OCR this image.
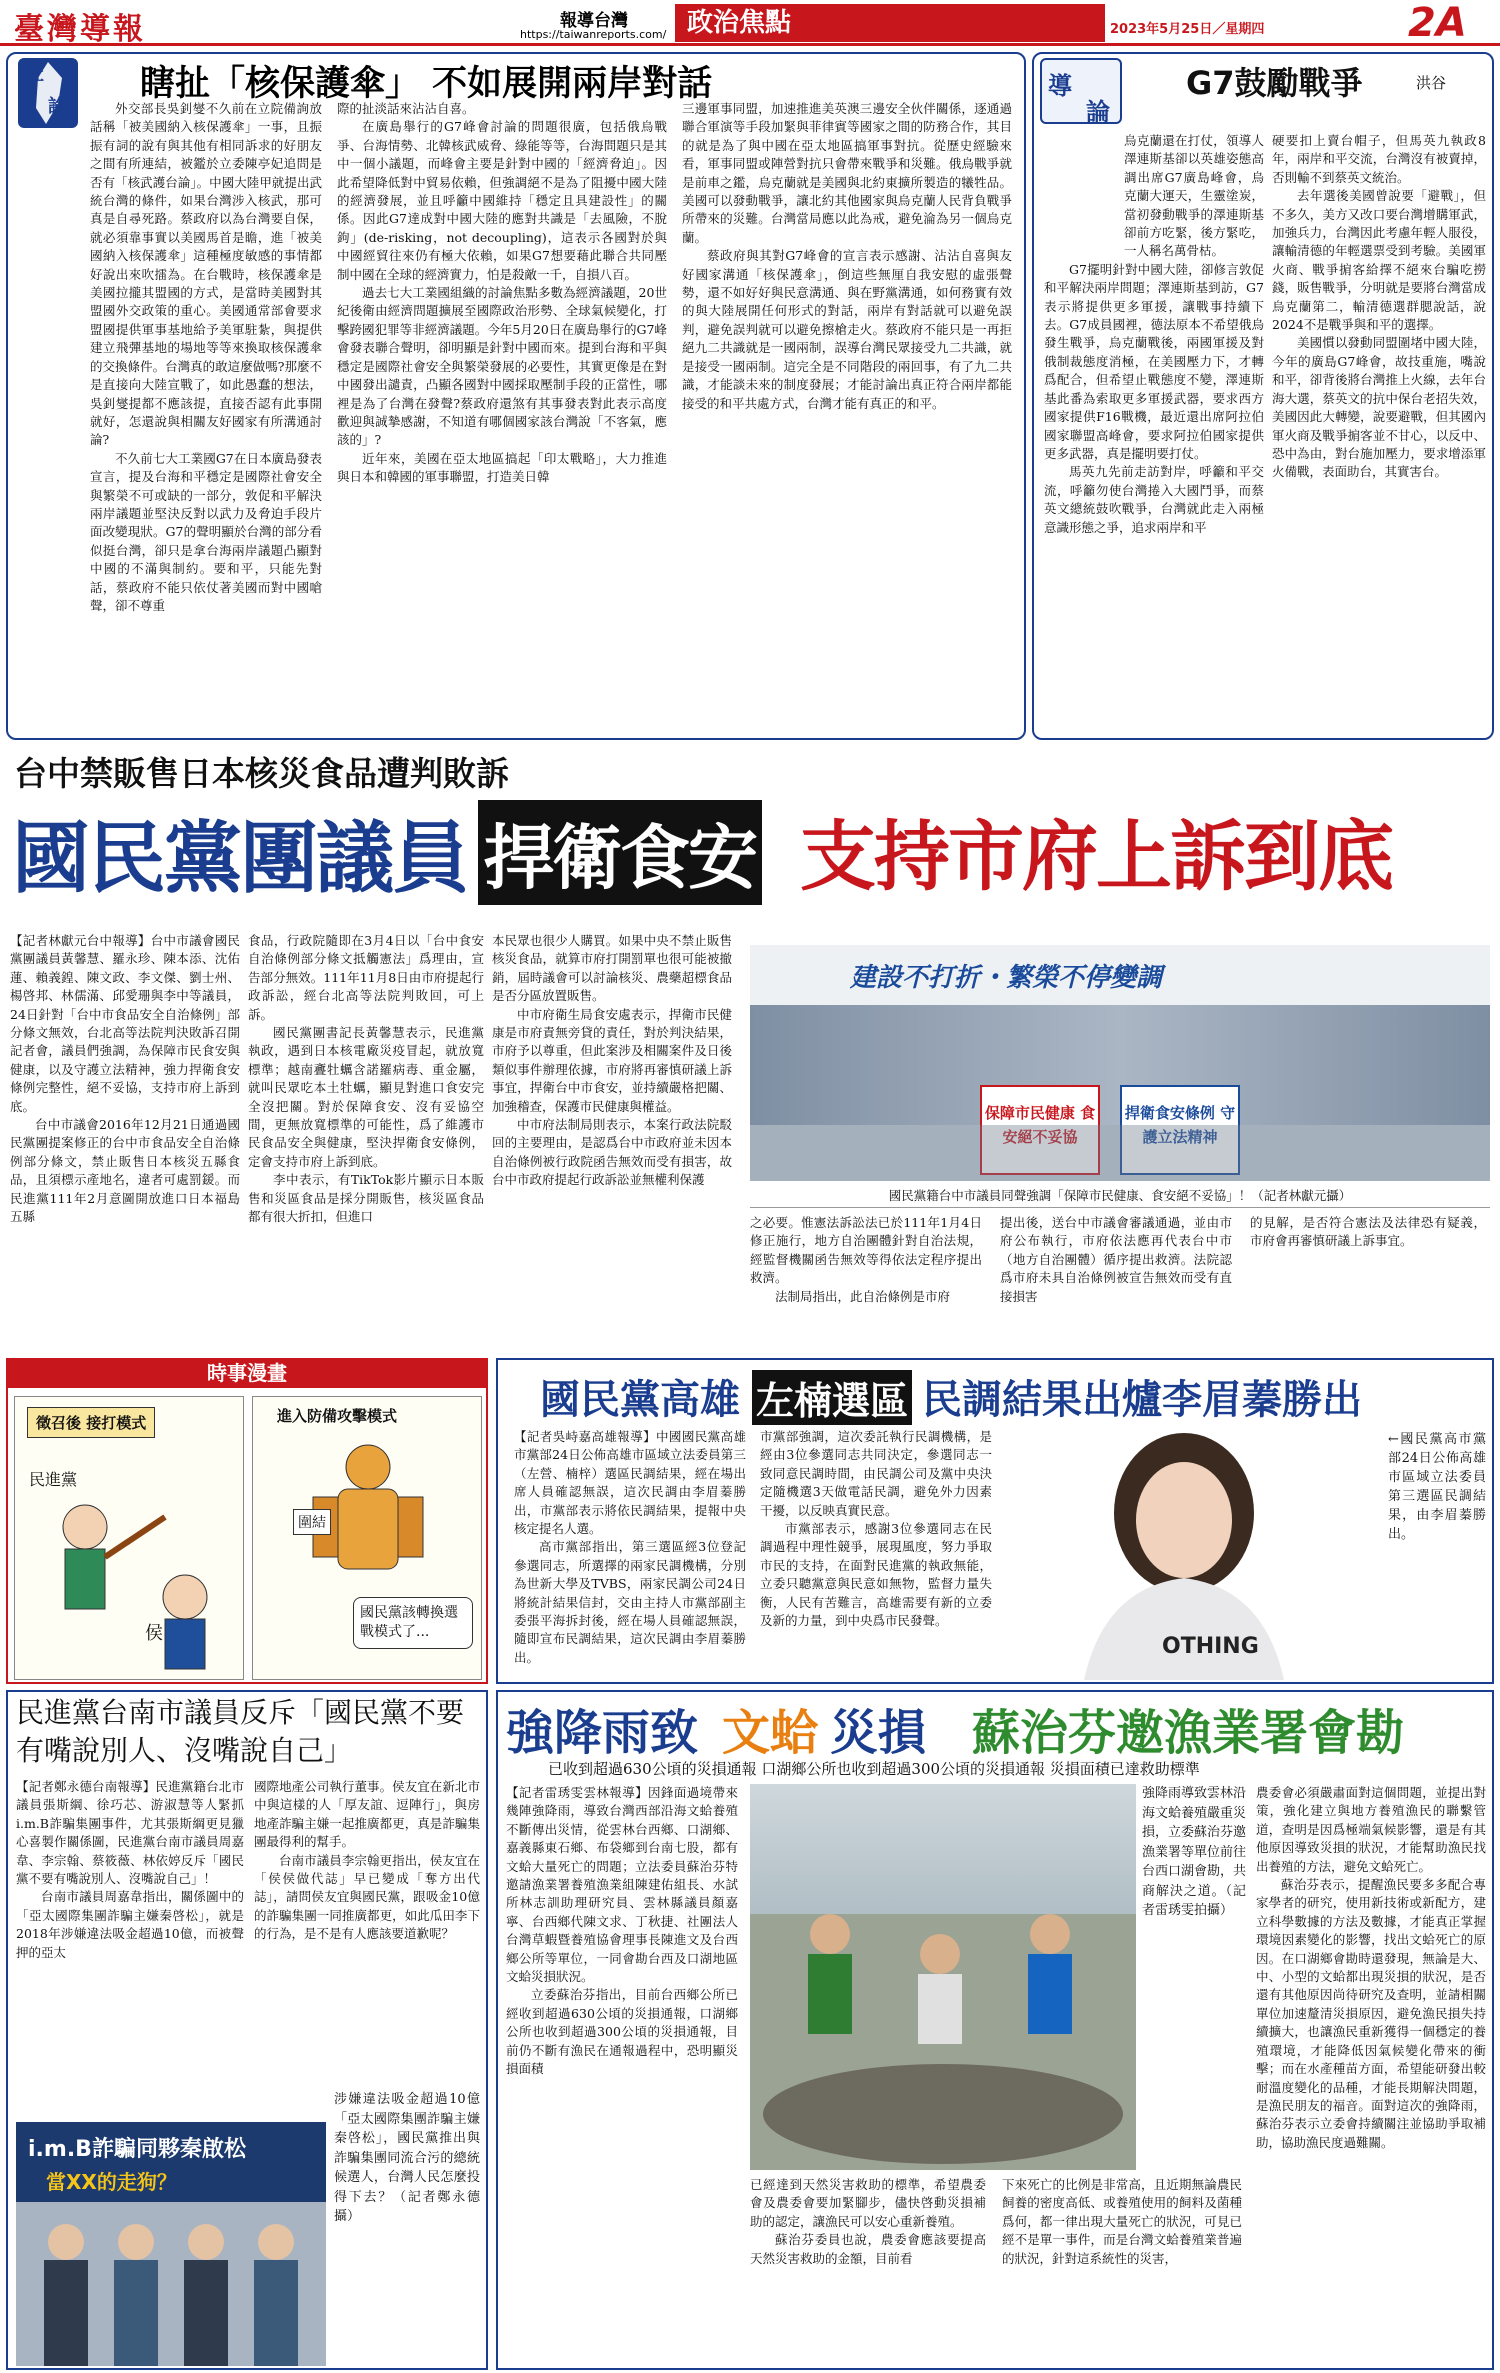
臺灣導報	報導台灣
https://taiwanreports.com/ 政治焦點	2023年5月25日／星期四	2A
社
論
瞎扯「核保護傘」 不如展開兩岸對話

外交部長吳釗燮不久前在立院備詢放話稱「被美國納入核保護傘」一事，且振振有詞的說有與其他有相同訴求的好朋友之間有所連結，被鑑於立委陳亭妃追問是否有「核武護台論」。中國大陸甲就提出武統台灣的條件，如果台灣涉入核武，那可真是自尋死路。蔡政府以為台灣要自保，就必須靠事實以美國馬首是瞻，進「被美國納入核保護傘」這種極度敏感的事情都好說出來吹擂為。在台戰時，核保護傘是美國拉攏其盟國的方式，是當時美國對其盟國外交政策的重心。美國通常部會要求盟國提供軍事基地給予美軍駐紮，與提供建立飛彈基地的場地等等來換取核保護傘的交換條件。台灣真的敢這麼做嗎?那麼不是直接向大陸宣戰了，如此愚蠢的想法，吳釗燮提都不應該提，直接否認有此事開就好，怎還說與相關友好國家有所溝通討論?

不久前七大工業國G7在日本廣島發表宣言，提及台海和平穩定是國際社會安全與繁榮不可或缺的一部分，敦促和平解決兩岸議題並堅決反對以武力及脅迫手段片面改變現狀。G7的聲明顯於台灣的部分看似挺台灣，卻只是拿台海兩岸議題凸顯對中國的不滿與制約。要和平，只能先對話，蔡政府不能只依仗著美國而對中國嗆聲，卻不尊重

際的扯淡話來沾沾自喜。

在廣島舉行的G7峰會討論的問題很廣，包括俄烏戰爭、台海情勢、北韓核武威脅、綠能等等，台海問題只是其中一個小議題，而峰會主要是針對中國的「經濟脅迫」。因此希望降低對中貿易依賴，但強調絕不是為了阻擾中國大陸的經濟發展，並且呼籲中國維持「穩定且具建設性」的關係。因此G7達成對中國大陸的應對共識是「去風險，不脫鉤」(de-risking，not decoupling)，這表示各國對於與中國經貿往來仍有極大依賴，如果G7想要藉此聯合共同壓制中國在全球的經濟實力，怕是殺敵一千，自損八百。

過去七大工業國組織的討論焦點多數為經濟議題，20世紀後衛由經濟問題擴展至國際政治形勢、全球氣候變化，打擊跨國犯罪等非經濟議題。今年5月20日在廣島舉行的G7峰會發表聯合聲明，卻明顯是針對中國而來。提到台海和平與穩定是國際社會安全與繁榮發展的必要性，其實更像是在對中國發出譴責，凸顯各國對中國採取壓制手段的正當性，哪裡是為了台灣在發聲?蔡政府還煞有其事發表對此表示高度歡迎與誠摯感謝，不知道有哪個國家該台灣說「不客氣，應該的」?

近年來，美國在亞太地區搞起「印太戰略」，大力推進與日本和韓國的軍事聯盟，打造美日韓

三邊軍事同盟，加速推進美英澳三邊安全伙伴關係，逐通過聯合軍演等手段加緊與菲律賓等國家之間的防務合作，其目的就是為了與中國在亞太地區搞軍事對抗。從歷史經驗來看，軍事同盟或陣營對抗只會帶來戰爭和災難。俄烏戰爭就是前車之鑑，烏克蘭就是美國與北約東擴所製造的犧牲品。美國可以發動戰爭，讓北約其他國家與烏克蘭人民背負戰爭所帶來的災難。台灣當局應以此為戒，避免淪為另一個烏克蘭。

蔡政府與其對G7峰會的宣言表示感謝、沾沾自喜與友好國家溝通「核保護傘」，倒這些無厘自我安慰的虛張聲勢，還不如好好與民意溝通、與在野黨溝通，如何務實有效的與大陸展開任何形式的對話，兩岸有對話就可以避免誤判，避免誤判就可以避免擦槍走火。蔡政府不能只是一再拒絕九二共識就是一國兩制，誤導台灣民眾接受九二共識，就是接受一國兩制。這完全是不同階段的兩回事，有了九二共識，才能談未來的制度發展；才能討論出真正符合兩岸都能接受的和平共處方式，台灣才能有真正的和平。

導
論
G7鼓勵戰爭	洪谷

烏克蘭還在打仗，領導人澤連斯基卻以英雄姿態高調出席G7廣島峰會，烏克蘭大運天，生靈塗炭，當初發動戰爭的澤連斯基卻前方吃緊，後方緊吃，一人稱名萬骨枯。

G7擺明針對中國大陸，卻修言敦促和平解決兩岸問題；澤連斯基到訪，G7表示將提供更多軍援，讓戰事持續下去。G7成員國裡，德法原本不希望俄烏發生戰爭，烏克蘭戰後，兩國軍援及對俄制裁態度消極，在美國壓力下，才轉爲配合，但希望止戰態度不變，澤連斯基此番為索取更多軍援武器，要求西方國家提供F16戰機，最近還出席阿拉伯國家聯盟高峰會，要求阿拉伯國家提供更多武器，真是擺明要打仗。

馬英九先前走訪對岸，呼籲和平交流，呼籲勿使台灣捲入大國鬥爭，而蔡英文總統鼓吹戰爭，台灣就此走入兩極意識形態之爭，追求兩岸和平

硬要扣上賣台帽子，但馬英九執政8年，兩岸和平交流，台灣沒有被賣掉，否則輸不到蔡英文統治。

去年選後美國曾說要「避戰」，但不多久，美方又改口要台灣增購軍武，加強兵力，台灣因此考慮年輕人服役，讓輸清德的年輕選票受到考驗。美國軍火商、戰爭掮客給擇不絕來台騙吃撈錢，販售戰爭，分明就是要將台灣當成烏克蘭第二，輸清德選群腮說話，說2024不是戰爭與和平的選擇。

美國慣以發動同盟圍堵中國大陸，今年的廣島G7峰會，故技重施，嘴說和平，卻背後將台灣推上火線，去年台海大選，蔡英文的抗中保台老招失效，美國因此大轉變，說要避戰，但其國內軍火商及戰爭掮客並不甘心，以反中、恐中為由，對台施加壓力，要求增添軍火備戰，表面助台，其實害台。

台中禁販售日本核災食品遭判敗訴
國民黨團議員 捍衛食安 支持市府上訴到底

【記者林獻元台中報導】台中市議會國民黨團議員黃馨慧、羅永珍、陳本添、沈佑蓮、賴義鍠、陳文政、李文傑、劉士州、楊啓邦、林儒滿、邱愛珊與李中等議員，24日針對「台中市食品安全自治條例」部分條文無效，台北高等法院判決敗訴召開記者會，議員們強調，為保障市民食安與健康，以及守護立法精神，強力捍衛食安條例完整性，絕不妥協，支持市府上訴到底。

台中市議會2016年12月21日通過國民黨團提案修正的台中市食品安全自治條例部分條文，禁止販售日本核災五縣食品，且須標示產地名，違者可處罰鍰。而民進黨111年2月意圖開放進口日本福島五縣

食品，行政院隨即在3月4日以「台中食安自治條例部分條文抵觸憲法」爲理由，宣告部分無效。111年11月8日由市府提起行政訴訟，經台北高等法院判敗回，可上訴。

國民黨團書記長黃馨慧表示，民進黨執政，遇到日本核電廠災疫冒起，就放寬標準；越南斖牡蠣含諾羅病毒、重金屬，就叫民眾吃本土牡蠣，顯見對進口食安完全沒把關。對於保障食安、沒有妥協空間，更無放寬標準的可能性，爲了維護市民食品安全與健康，堅決捍衛食安條例，定會支持市府上訴到底。

李中表示，有TikTok影片顯示日本販售和災區食品是採分開販售，核災區食品都有很大折扣，但進口

本民眾也很少人購買。如果中央不禁止販售核災食品，就算市府打開罰單也很可能被撤銷，屆時議會可以討論核災、農藥超標食品是否分區放置販售。

中市府衛生局食安處表示，捍衛市民健康是市府責無旁貸的責任，對於判決結果，市府予以尊重，但此案涉及相關案件及日後類似事件辦理依據，市府將再審慎研議上訴事宜，捍衛台中市食安，並持續嚴格把關、加強稽查，保護市民健康與權益。

中市府法制局則表示，本案行政法院駁回的主要理由，是認爲台中市政府並未因本自治條例被行政院函告無效而受有損害，故台中市政府提起行政訴訟並無權利保護

建設不打折・繁榮不停變調
保障市民健康 食安絕不妥協
捍衛食安條例 守護立法精神
國民黨籍台中市議員同聲強調「保障市民健康、食安絕不妥協」！（記者林獻元攝）

之必要。惟憲法訴訟法已於111年1月4日修正施行，地方自治團體針對自治法規，經監督機關函告無效等得依法定程序提出救濟。

法制局指出，此自治條例是市府

提出後，送台中市議會審議通過，並由市府公布執行，市府依法應再代表台中市（地方自治團體）循序提出救濟。法院認爲市府未具自治條例被宣告無效而受有直接損害

的見解，是否符合憲法及法律恐有疑義，市府會再審慎研議上訴事宜。

時事漫畫
徵召後 接打模式
民進黨
侯
進入防備攻擊模式
圍結
國民黨該轉換選戰模式了...
國民黨高雄 左楠選區 民調結果出爐李眉蓁勝出

【記者吳峙嘉高雄報導】中國國民黨高雄市黨部24日公佈高雄市區域立法委員第三（左營、楠梓）選區民調結果，經在場出席人員確認無誤，這次民調由李眉蓁勝出，市黨部表示將依民調結果，提報中央核定提名人選。

高市黨部指出，第三選區經3位登記參選同志，所選擇的兩家民調機構，分別為世新大學及TVBS，兩家民調公司24日將統計結果信封，交由主持人市黨部副主委張平海拆封後，經在場人員確認無誤，隨即宣布民調結果，這次民調由李眉蓁勝出。

市黨部強調，這次委託執行民調機構，是經由3位參選同志共同決定，參選同志一致同意民調時間，由民調公司及黨中央決定隨機選3天做電話民調，避免外力因素干擾，以反映真實民意。

市黨部表示，感謝3位參選同志在民調過程中理性競爭，展現風度，努力爭取市民的支持，在面對民進黨的執政無能，立委只聽黨意與民意如無物，監督力量失衡，人民有苦難言，高雄需要有新的立委及新的力量，到中央爲市民發聲。

OTHING
←國民黨高市黨部24日公佈高雄市區域立法委員第三選區民調結果，由李眉蓁勝出。
民進黨台南市議員反斥「國民黨不要有嘴說別人、沒嘴說自己」

【記者鄭永德台南報導】民進黨籍台北市議員張斯綱、徐巧芯、游淑慧等人緊抓i.m.B詐騙集團事件，尤其張斯綱更見獵心喜製作關係圖，民進黨台南市議員周嘉韋、李宗翰、蔡筱薇、林依婷反斥「國民黨不要有嘴說別人、沒嘴說自己」！

台南市議員周嘉韋指出，關係圖中的「亞太國際集團詐騙主嫌秦啓松」，就是2018年涉嫌違法吸金超過10億，而被聲押的亞太

國際地產公司執行董事。侯友宜在新北市中與這樣的人「厚友誼、逗陣行」，與房地產詐騙主嫌一起推廣都更，真是詐騙集團最得利的幫手。

台南市議員李宗翰更指出，侯友宜在「侯侯做代誌」早已變成「奪方出代誌」，請問侯友宜與國民黨，跟吸金10億的詐騙集團一同推廣都更，如此瓜田李下的行為，是不是有人應該要道歉呢？

i.m.B詐騙同夥秦啟松
當XX的走狗？
涉嫌違法吸金超過10億「亞太國際集團詐騙主嫌 秦啓松」，國民黨推出與詐騙集團同流合污的總統候選人，台灣人民怎麼投得下去？（記者鄭永德攝）
強降雨致 文蛤 災損 蘇治芬邀漁業署會勘
已收到超過630公頃的災損通報 口湖鄉公所也收到超過300公頃的災損通報 災損面積已達救助標準

【記者雷琇雯雲林報導】因鋒面過境帶來幾陣強降雨，導致台灣西部沿海文蛤養殖不斷傳出災情，從雲林台西鄉、口湖鄉、嘉義縣東石鄉、布袋鄉到台南七股，都有文蛤大量死亡的問題；立法委員蘇治芬特邀請漁業署養殖漁業組陳建佑組長、水試所林志訓助理研究員、雲林縣議員顏嘉寧、台西鄉代陳文求、丁秋捷、社團法人台灣草蝦暨養殖協會理事長陳進文及台西鄉公所等單位，一同會勘台西及口湖地區文蛤災損狀況。

立委蘇治芬指出，目前台西鄉公所已經收到超過630公頃的災損通報，口湖鄉公所也收到超過300公頃的災損通報，目前仍不斷有漁民在通報過程中，恐明顯災損面積

強降雨導致雲林沿海文蛤養殖嚴重災損，立委蘇治芬邀漁業署等單位前往台西口湖會勘，共商解決之道。（記者雷琇雯拍攝）

已經達到天然災害救助的標準，希望農委會及農委會要加緊腳步，儘快啓動災損補助的認定，讓漁民可以安心重新養殖。

蘇治芬委員也說，農委會應該要提高天然災害救助的金額，目前看

下來死亡的比例是非常高，且近期無論農民飼養的密度高低、或養殖使用的飼料及菌種爲何，都一律出現大量死亡的狀況，可見已經不是單一事件，而是台灣文蛤養殖業普遍的狀況，針對這系統性的災害，

農委會必須嚴肅面對這個問題，並提出對策，強化建立與地方養殖漁民的聯繫管道，查明是因爲極端氣候影響，還是有其他原因導致災損的狀況，才能幫助漁民找出養殖的方法，避免文蛤死亡。

蘇治芬表示，提醒漁民要多多配合專家學者的研究，使用新技術或新配方，建立科學數據的方法及數據，才能真正掌握環境因素變化的影響，找出文蛤死亡的原因。在口湖鄉會勘時還發現，無論是大、中、小型的文蛤都出現災損的狀況，是否還有其他原因尚待研究及查明，並請相關單位加速釐清災損原因，避免漁民損失持續擴大，也讓漁民重新獲得一個穩定的養殖環境，才能降低因氣候變化帶來的衝擊；而在水產種苗方面，希望能研發出較耐溫度變化的品種，才能長期解決問題，是漁民朋友的福音。面對這次的強降雨，蘇治芬表示立委會持續關注並協助爭取補助，協助漁民度過難關。
